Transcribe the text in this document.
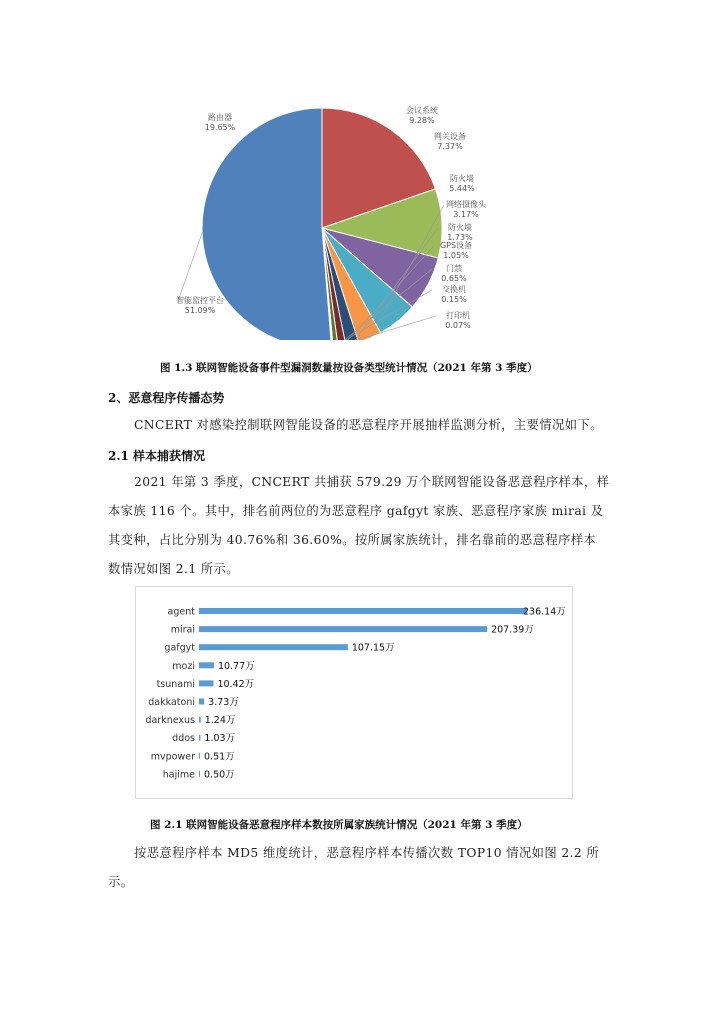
智能监控平台
51.09%
路由器
19.65%
会议系统
9.28%
网关设备
7.37%
防火墙
5.44%
网络摄像头
3.17%
防火墙
1.73%
GPS设备
1.05%
门禁
0.65%
交换机
0.15%
打印机
0.07%
图 1.3 联网智能设备事件型漏洞数量按设备类型统计情况（2021 年第 3 季度）
2、恶意程序传播态势
CNCERT 对感染控制联网智能设备的恶意程序开展抽样监测分析，主要情况如下。
2.1 样本捕获情况
2021 年第 3 季度，CNCERT 共捕获 579.29 万个联网智能设备恶意程序样本，样
本家族 116 个。其中，排名前两位的为恶意程序 gafgyt 家族、恶意程序家族 mirai 及
其变种，占比分别为 40.76%和 36.60%。按所属家族统计，排名靠前的恶意程序样本
数情况如图 2.1 所示。
agent
mirai
gafgyt
mozi
tsunami
dakkatoni
darknexus
ddos
mvpower
hajime
236.14万
207.39万
107.15万
10.77万
10.42万
3.73万
1.24万
1.03万
0.51万
0.50万
图 2.1 联网智能设备恶意程序样本数按所属家族统计情况（2021 年第 3 季度）
按恶意程序样本 MD5 维度统计，恶意程序样本传播次数 TOP10 情况如图 2.2 所
示。
